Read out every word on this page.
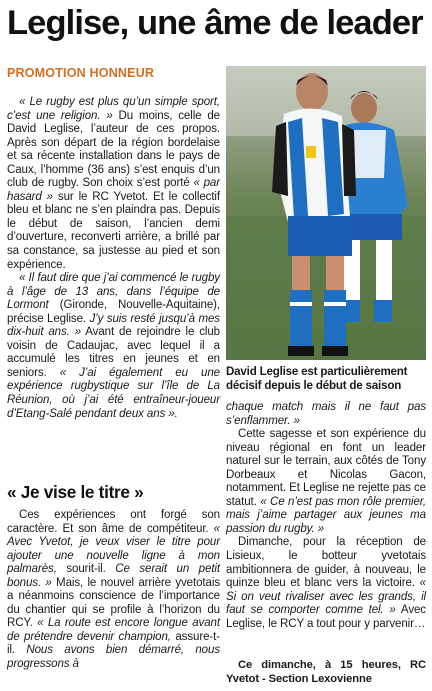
Leglise, une âme de leader
PROMOTION HONNEUR

« Le rugby est plus qu’un simple sport, c’est une religion. » Du moins, celle de David Leglise, l’auteur de ces propos. Après son départ de la région bordelaise et sa récente installation dans le pays de Caux, l’homme (36 ans) s’est enquis d’un club de rugby. Son choix s’est porté « par hasard » sur le RC Yvetot. Et le collectif bleu et blanc ne s’en plaindra pas. Depuis le début de saison, l’ancien demi d’ouverture, reconverti arrière, a brillé par sa constance, sa justesse au pied et son expérience.

« Il faut dire que j’ai commencé le rugby à l’âge de 13 ans, dans l’équipe de Lormont (Gironde, Nouvelle-Aquitaine), précise Leglise. J’y suis resté jusqu’à mes dix-huit ans. » Avant de rejoindre le club voisin de Cadaujac, avec lequel il a accumulé les titres en jeunes et en seniors. « J’ai également eu une expérience rugbystique sur l’île de La Réunion, où j’ai été entraîneur-joueur d’Etang-Salé pendant deux ans ».

« Je vise le titre »

Ces expériences ont forgé son caractère. Et son âme de compétiteur. « Avec Yvetot, je veux viser le titre pour ajouter une nouvelle ligne à mon palmarès, sourit-il. Ce serait un petit bonus. » Mais, le nouvel arrière yvetotais a néanmoins conscience de l’importance du chantier qui se profile à l’horizon du RCY. « La route est encore longue avant de prétendre devenir champion, assure-t-il. Nous avons bien démarré, nous progressons à

David Leglise est particulièrement décisif depuis le début de saison

chaque match mais il ne faut pas s’enflammer. »

Cette sagesse et son expérience du niveau régional en font un leader naturel sur le terrain, aux côtés de Tony Dorbeaux et Nicolas Gacon, notamment. Et Leglise ne rejette pas ce statut. « Ce n’est pas mon rôle premier, mais j’aime partager aux jeunes ma passion du rugby. »

Dimanche, pour la réception de Lisieux, le botteur yvetotais ambitionnera de guider, à nouveau, le quinze bleu et blanc vers la victoire. « Si on veut rivaliser avec les grands, il faut se comporter comme tel. » Avec Leglise, le RCY a tout pour y parvenir…

Ce dimanche, à 15 heures, RC Yvetot - Section Lexovienne
